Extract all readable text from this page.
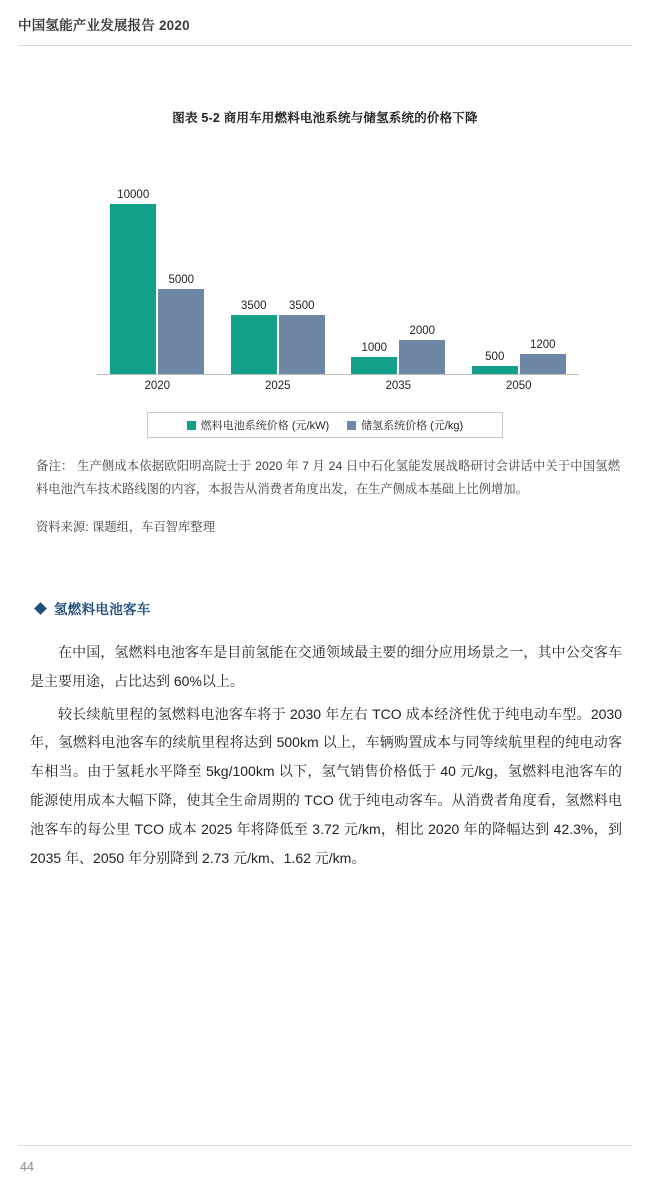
中国氢能产业发展报告 2020
图表 5-2 商用车用燃料电池系统与储氢系统的价格下降
10000
5000
3500 3500
1000
2000
500
1200
2020	2025	2035	2050
燃料电池系统价格 (元/kW)	储氢系统价格 (元/kg)
备注： 生产侧成本依据欧阳明高院士于 2020 年 7 月 24 日中石化氢能发展战略研讨会讲话中关于中国氢燃料电池汽车技术路线图的内容，本报告从消费者角度出发，在生产侧成本基础上比例增加。
资料来源: 课题组，车百智库整理
氢燃料电池客车

在中国，氢燃料电池客车是目前氢能在交通领域最主要的细分应用场景之一，其中公交客车是主要用途，占比达到 60%以上。

较长续航里程的氢燃料电池客车将于 2030 年左右 TCO 成本经济性优于纯电动车型。2030 年，氢燃料电池客车的续航里程将达到 500km 以上，车辆购置成本与同等续航里程的纯电动客车相当。由于氢耗水平降至 5kg/100km 以下，氢气销售价格低于 40 元/kg，氢燃料电池客车的能源使用成本大幅下降，使其全生命周期的 TCO 优于纯电动客车。从消费者角度看，氢燃料电池客车的每公里 TCO 成本 2025 年将降低至 3.72 元/km，相比 2020 年的降幅达到 42.3%，到 2035 年、2050 年分别降到 2.73 元/km、1.62 元/km。

44
